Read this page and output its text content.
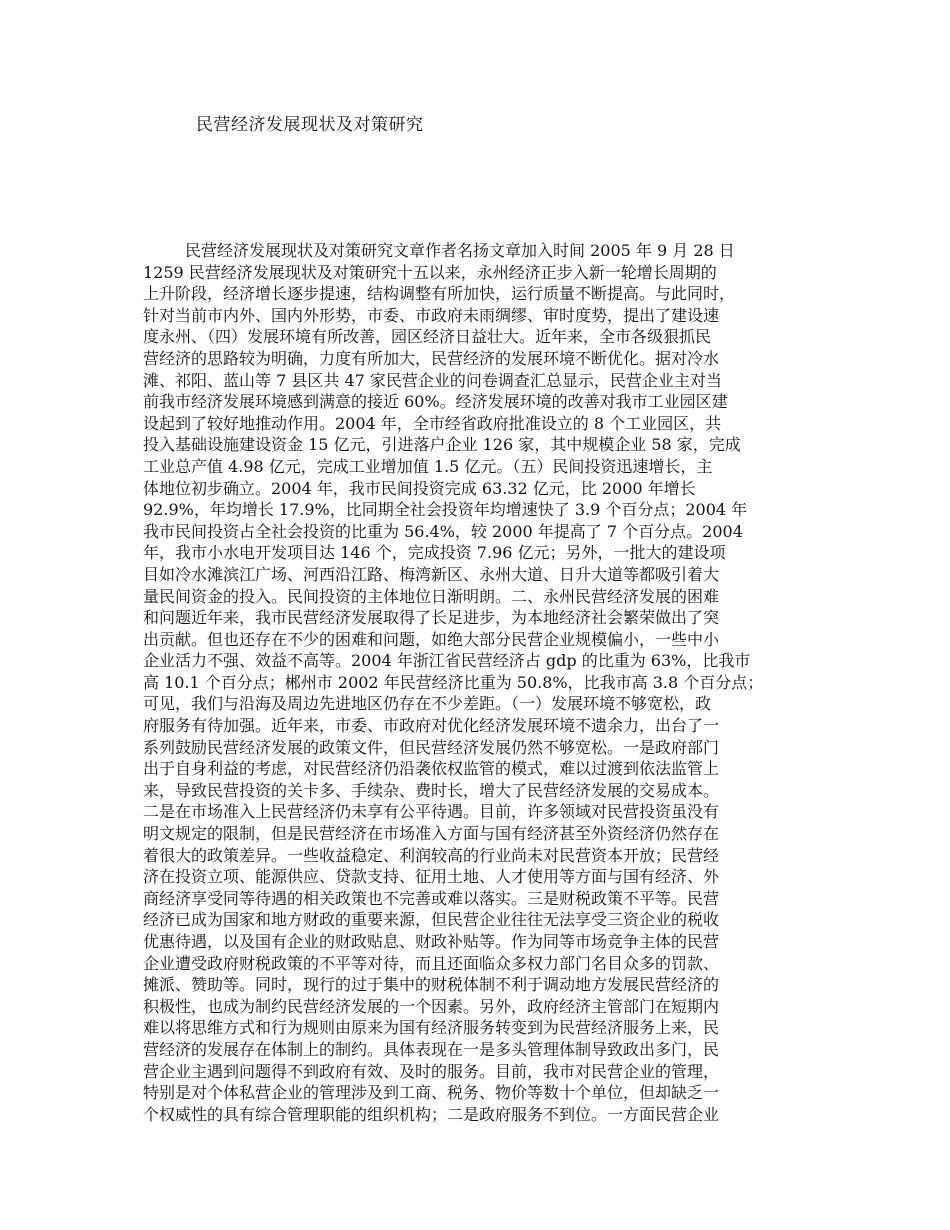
民营经济发展现状及对策研究
民营经济发展现状及对策研究文章作者名扬文章加入时间 2005 年 9 月 28 日
1259 民营经济发展现状及对策研究十五以来，永州经济正步入新一轮增长周期的
上升阶段，经济增长逐步提速，结构调整有所加快，运行质量不断提高。与此同时，
针对当前市内外、国内外形势，市委、市政府未雨绸缪、审时度势，提出了建设速
度永州、（四）发展环境有所改善，园区经济日益壮大。近年来，全市各级狠抓民
营经济的思路较为明确，力度有所加大，民营经济的发展环境不断优化。据对冷水
滩、祁阳、蓝山等 7 县区共 47 家民营企业的问卷调查汇总显示，民营企业主对当
前我市经济发展环境感到满意的接近 60%。经济发展环境的改善对我市工业园区建
设起到了较好地推动作用。2004 年，全市经省政府批准设立的 8 个工业园区，共
投入基础设施建设资金 15 亿元，引进落户企业 126 家，其中规模企业 58 家，完成
工业总产值 4.98 亿元，完成工业增加值 1.5 亿元。（五）民间投资迅速增长，主
体地位初步确立。2004 年，我市民间投资完成 63.32 亿元，比 2000 年增长
92.9%，年均增长 17.9%，比同期全社会投资年均增速快了 3.9 个百分点；2004 年
我市民间投资占全社会投资的比重为 56.4%，较 2000 年提高了 7 个百分点。2004
年，我市小水电开发项目达 146 个，完成投资 7.96 亿元；另外，一批大的建设项
目如冷水滩滨江广场、河西沿江路、梅湾新区、永州大道、日升大道等都吸引着大
量民间资金的投入。民间投资的主体地位日渐明朗。二、永州民营经济发展的困难
和问题近年来，我市民营经济发展取得了长足进步，为本地经济社会繁荣做出了突
出贡献。但也还存在不少的困难和问题，如绝大部分民营企业规模偏小，一些中小
企业活力不强、效益不高等。2004 年浙江省民营经济占 gdp 的比重为 63%，比我市
高 10.1 个百分点；郴州市 2002 年民营经济比重为 50.8%，比我市高 3.8 个百分点；
可见，我们与沿海及周边先进地区仍存在不少差距。（一）发展环境不够宽松，政
府服务有待加强。近年来，市委、市政府对优化经济发展环境不遗余力，出台了一
系列鼓励民营经济发展的政策文件，但民营经济发展仍然不够宽松。一是政府部门
出于自身利益的考虑，对民营经济仍沿袭依权监管的模式，难以过渡到依法监管上
来，导致民营投资的关卡多、手续杂、费时长，增大了民营经济发展的交易成本。
二是在市场准入上民营经济仍未享有公平待遇。目前，许多领域对民营投资虽没有
明文规定的限制，但是民营经济在市场准入方面与国有经济甚至外资经济仍然存在
着很大的政策差异。一些收益稳定、利润较高的行业尚未对民营资本开放；民营经
济在投资立项、能源供应、贷款支持、征用土地、人才使用等方面与国有经济、外
商经济享受同等待遇的相关政策也不完善或难以落实。三是财税政策不平等。民营
经济已成为国家和地方财政的重要来源，但民营企业往往无法享受三资企业的税收
优惠待遇，以及国有企业的财政贴息、财政补贴等。作为同等市场竞争主体的民营
企业遭受政府财税政策的不平等对待，而且还面临众多权力部门名目众多的罚款、
摊派、赞助等。同时，现行的过于集中的财税体制不利于调动地方发展民营经济的
积极性，也成为制约民营经济发展的一个因素。另外，政府经济主管部门在短期内
难以将思维方式和行为规则由原来为国有经济服务转变到为民营经济服务上来，民
营经济的发展存在体制上的制约。具体表现在一是多头管理体制导致政出多门，民
营企业主遇到问题得不到政府有效、及时的服务。目前，我市对民营企业的管理，
特别是对个体私营企业的管理涉及到工商、税务、物价等数十个单位，但却缺乏一
个权威性的具有综合管理职能的组织机构；二是政府服务不到位。一方面民营企业
